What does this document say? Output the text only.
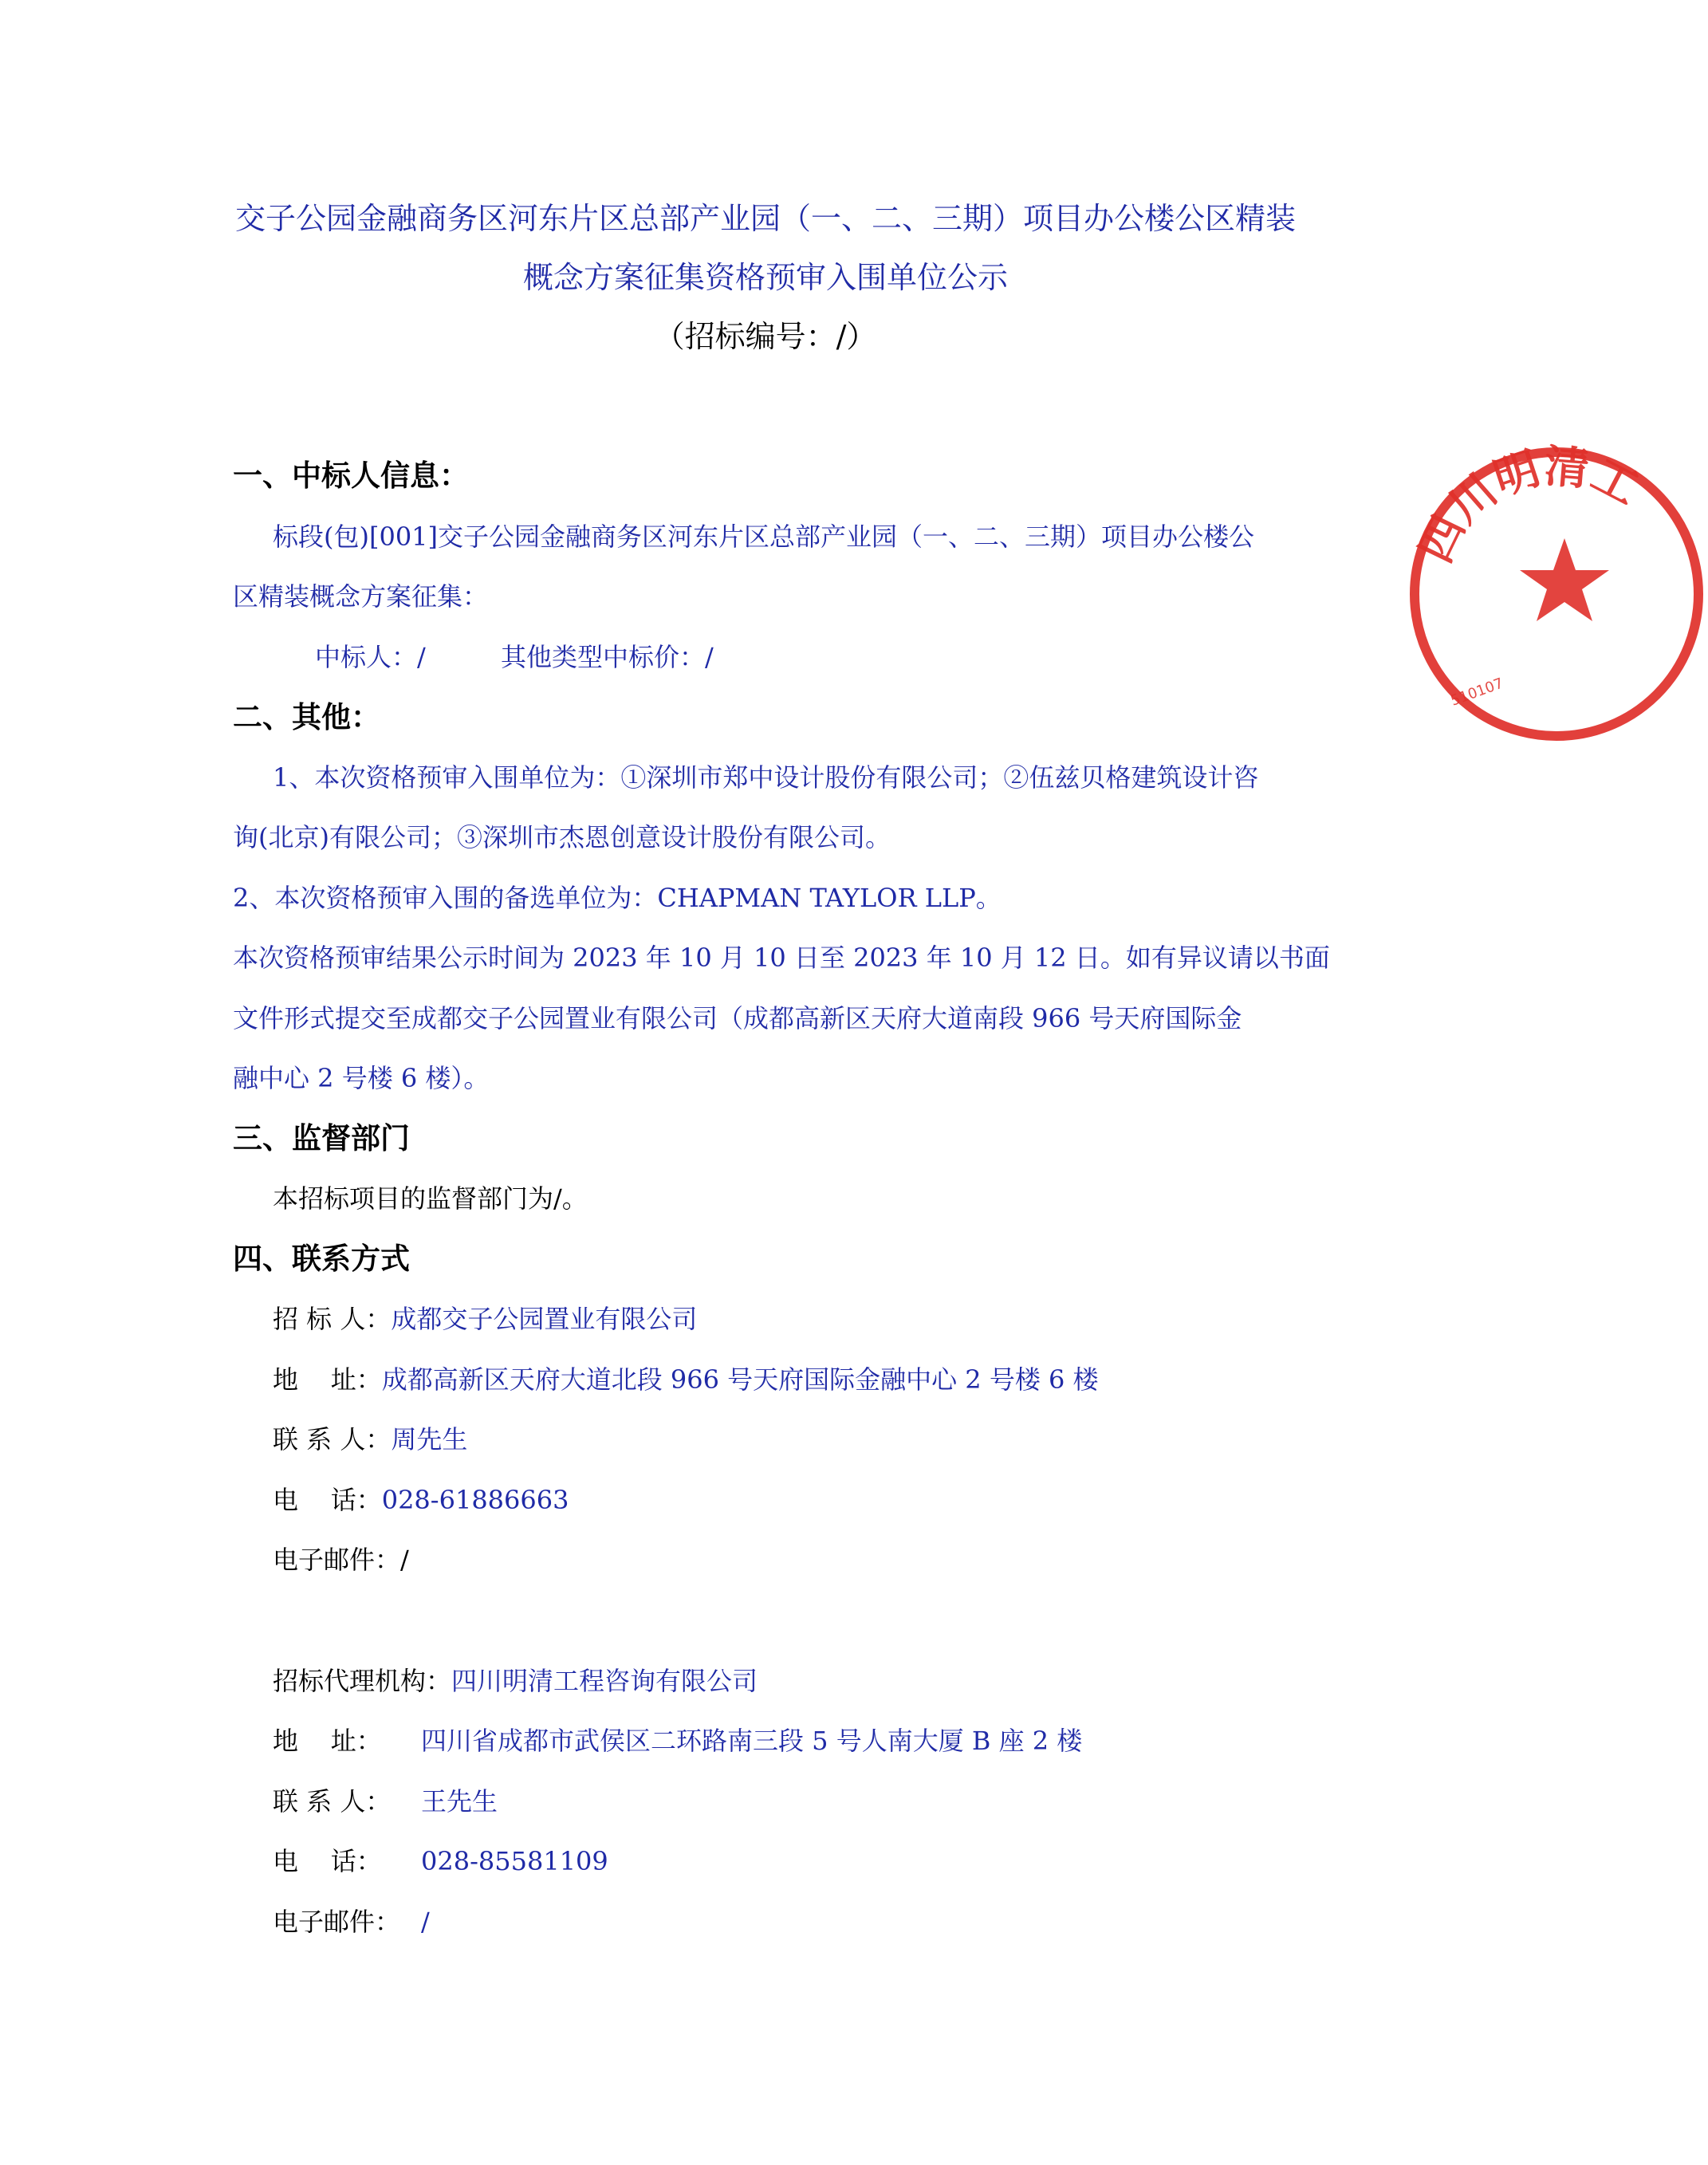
交子公园金融商务区河东片区总部产业园（一、二、三期）项目办公楼公区精装
概念方案征集资格预审入围单位公示
（招标编号：/）
一、中标人信息：
标段(包)[001]交子公园金融商务区河东片区总部产业园（一、二、三期）项目办公楼公
区精装概念方案征集：
中标人：/	其他类型中标价：/
二、其他：
1、本次资格预审入围单位为：①深圳市郑中设计股份有限公司；②伍兹贝格建筑设计咨
询(北京)有限公司；③深圳市杰恩创意设计股份有限公司。
2、本次资格预审入围的备选单位为：CHAPMAN TAYLOR LLP。
本次资格预审结果公示时间为 2023 年 10 月 10 日至 2023 年 10 月 12 日。如有异议请以书面
文件形式提交至成都交子公园置业有限公司（成都高新区天府大道南段 966 号天府国际金
融中心 2 号楼 6 楼）。
三、监督部门
本招标项目的监督部门为/。
四、联系方式
招 标 人：成都交子公园置业有限公司
地    址：成都高新区天府大道北段 966 号天府国际金融中心 2 号楼 6 楼
联 系 人：周先生
电    话：028-61886663
电子邮件：/
招标代理机构：四川明清工程咨询有限公司
地    址： 四川省成都市武侯区二环路南三段 5 号人南大厦 B 座 2 楼
联 系 人： 王先生
电    话： 028-85581109
电子邮件： /
四川明清工
510107
